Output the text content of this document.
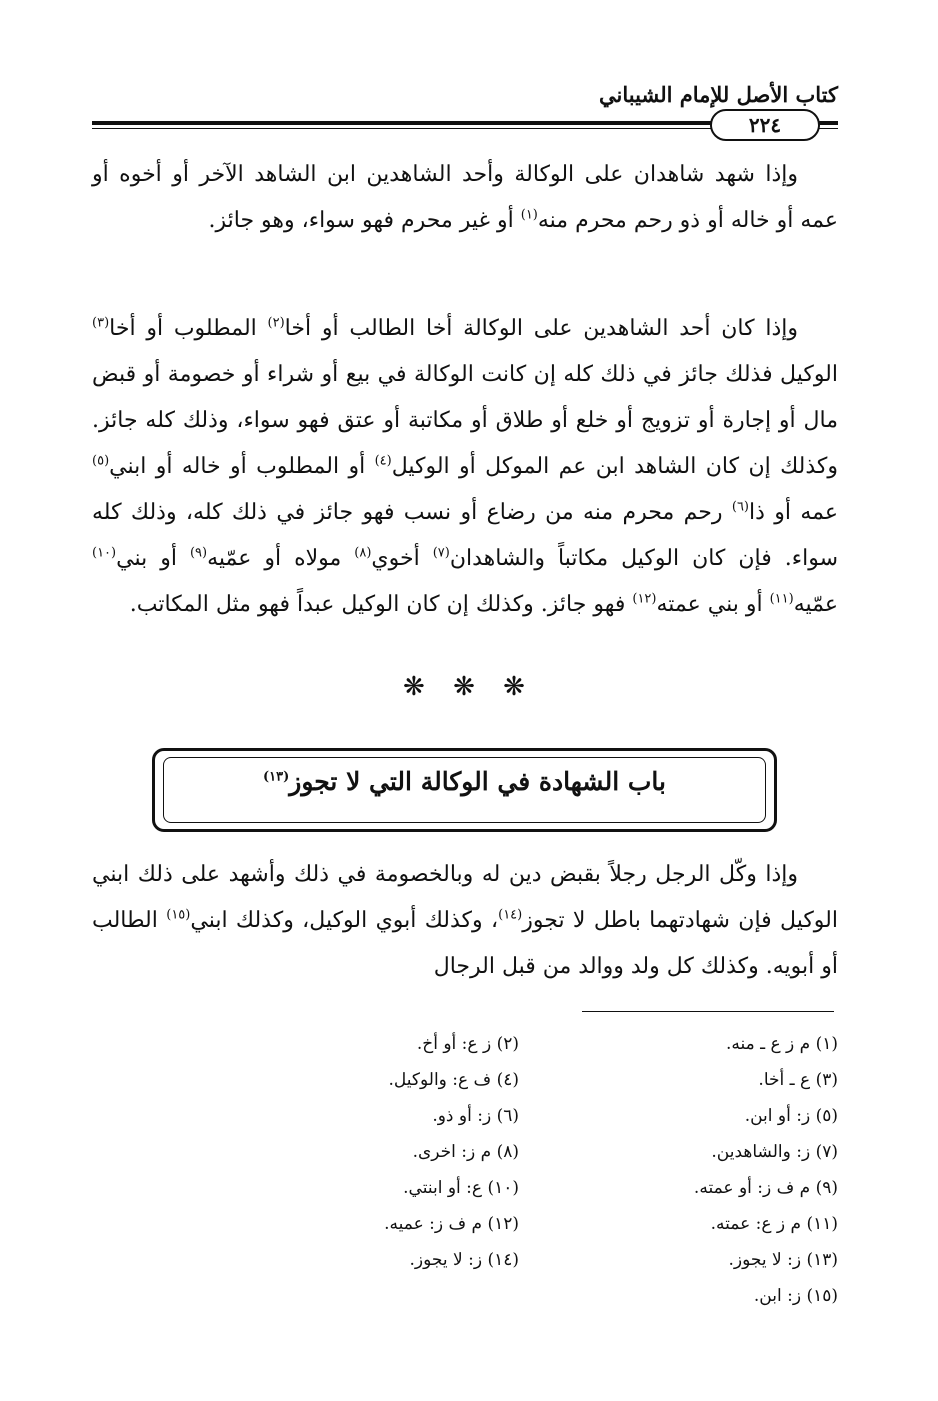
كتاب الأصل للإمام الشيباني
٢٢٤

وإذا شهد شاهدان على الوكالة وأحد الشاهدين ابن الشاهد الآخر أو أخوه أو عمه أو خاله أو ذو رحم محرم منه$^{(١)}$ أو غير محرم فهو سواء، وهو جائز.

وإذا كان أحد الشاهدين على الوكالة أخا الطالب أو أخا$^{(٢)}$ المطلوب أو أخا$^{(٣)}$ الوكيل فذلك جائز في ذلك كله إن كانت الوكالة في بيع أو شراء أو خصومة أو قبض مال أو إجارة أو تزويج أو خلع أو طلاق أو مكاتبة أو عتق فهو سواء، وذلك كله جائز. وكذلك إن كان الشاهد ابن عم الموكل أو الوكيل$^{(٤)}$ أو المطلوب أو خاله أو ابني$^{(٥)}$ عمه أو ذا$^{(٦)}$ رحم محرم منه من رضاع أو نسب فهو جائز في ذلك كله، وذلك كله سواء. فإن كان الوكيل مكاتباً والشاهدان$^{(٧)}$ أخوي$^{(٨)}$ مولاه أو عمّيه$^{(٩)}$ أو بني$^{(١٠)}$ عمّيه$^{(١١)}$ أو بني عمته$^{(١٢)}$ فهو جائز. وكذلك إن كان الوكيل عبداً فهو مثل المكاتب.

❋ ❋ ❋
باب الشهادة في الوكالة التي لا تجوز$^{(١٣)}$

وإذا وكّل الرجل رجلاً بقبض دين له وبالخصومة في ذلك وأشهد على ذلك ابني الوكيل فإن شهادتهما باطل لا تجوز$^{(١٤)}$، وكذلك أبوي الوكيل، وكذلك ابني$^{(١٥)}$ الطالب أو أبويه. وكذلك كل ولد ووالد من قبل الرجال

(١) م ز ع ـ منه.
(٢) ز ع: أو أخ.
(٣) ع ـ أخا.
(٤) ف ع: والوكيل.
(٥) ز: أو ابن.
(٦) ز: أو ذو.
(٧) ز: والشاهدين.
(٨) م ز: اخرى.
(٩) م ف ز: أو عمته.
(١٠) ع: أو ابنتي.
(١١) م ز ع: عمته.
(١٢) م ف ز: عميه.
(١٣) ز: لا يجوز.
(١٤) ز: لا يجوز.
(١٥) ز: ابن.
